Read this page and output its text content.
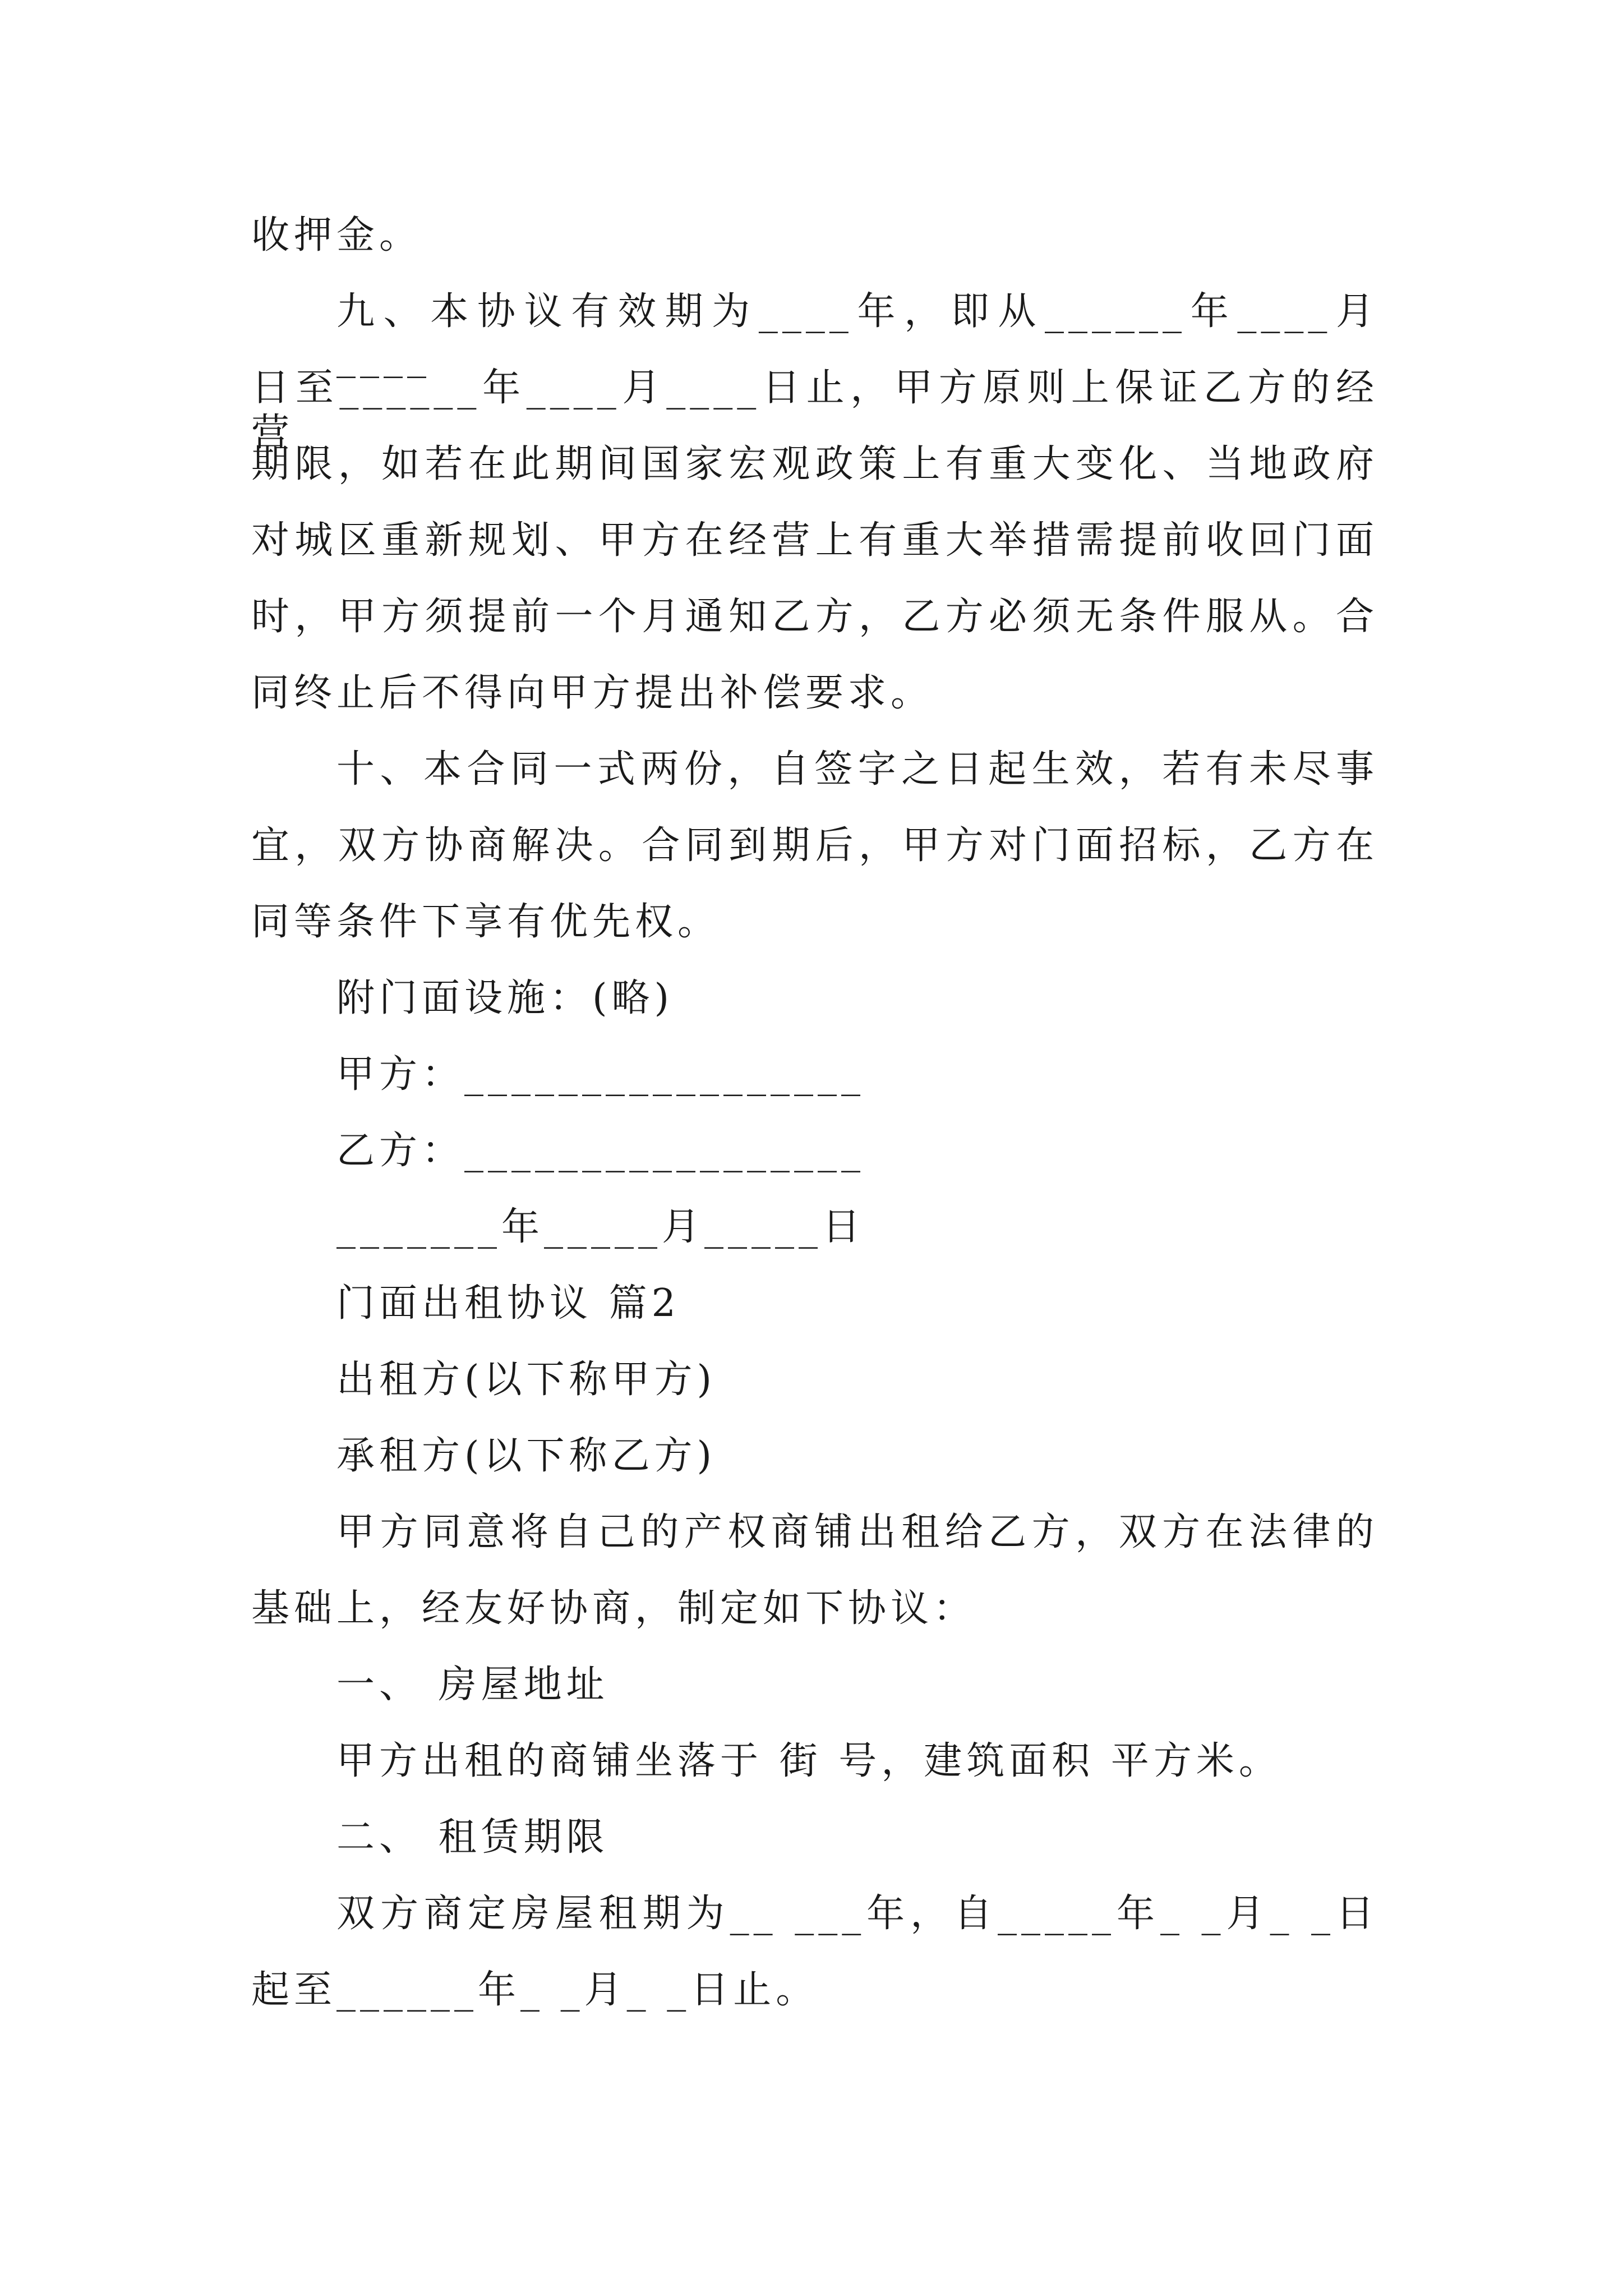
收押金。
九、本协议有效期为____年，即从______年____月____
日至______年____月____日止，甲方原则上保证乙方的经营
期限，如若在此期间国家宏观政策上有重大变化、当地政府
对城区重新规划、甲方在经营上有重大举措需提前收回门面
时，甲方须提前一个月通知乙方，乙方必须无条件服从。合
同终止后不得向甲方提出补偿要求。
十、本合同一式两份，自签字之日起生效，若有未尽事
宜，双方协商解决。合同到期后，甲方对门面招标，乙方在
同等条件下享有优先权。
附门面设施：(略)
甲方：_________________
乙方：_________________
_______年_____月_____日
门面出租协议 篇2
出租方(以下称甲方)
承租方(以下称乙方)
甲方同意将自己的产权商铺出租给乙方，双方在法律的
基础上，经友好协商，制定如下协议：
一、 房屋地址
甲方出租的商铺坐落于 街 号，建筑面积 平方米。
二、 租赁期限
双方商定房屋租期为__ ___年，自_____年_ _月_ _日
起至______年_ _月_ _日止。
